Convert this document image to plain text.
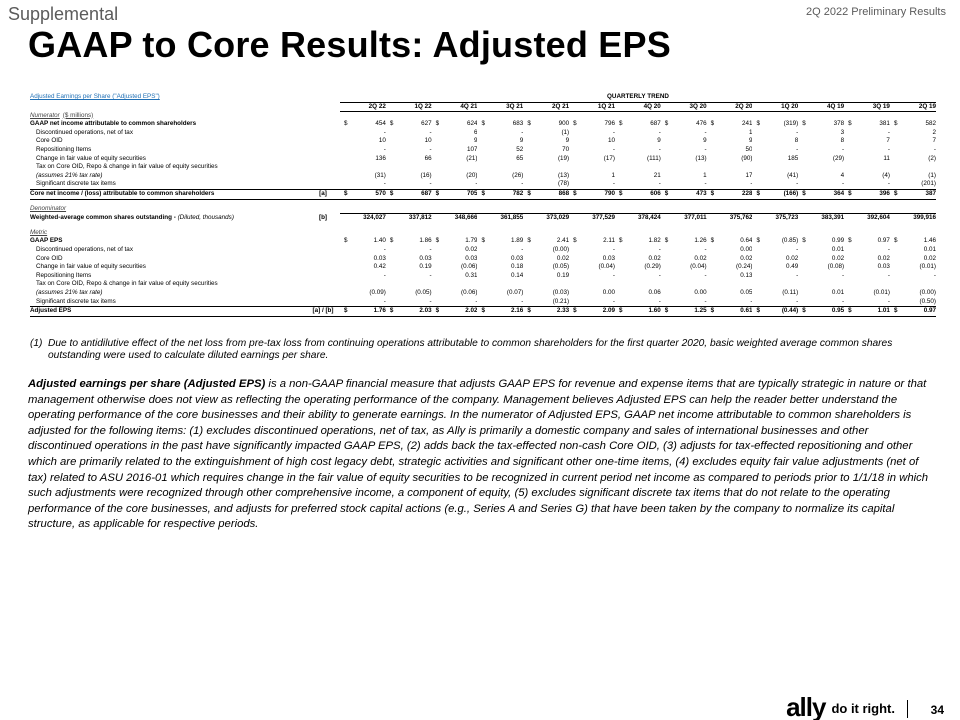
Supplemental	2Q 2022 Preliminary Results
GAAP to Core Results: Adjusted EPS
Adjusted Earnings per Share ("Adjusted EPS")		QUARTERLY TREND												
		2Q 22	1Q 22	4Q 21	3Q 21	2Q 21	1Q 21	4Q 20	3Q 20	2Q 20	1Q 20	4Q 19	3Q 19	2Q 19
Numerator ($ millions)														
GAAP net income attributable to common shareholders		$ 454	$ 627	$ 624	$ 683	$ 900	$ 796	$ 687	$ 476	$ 241	$ (319)	$ 378	$ 381	$ 582
Discontinued operations, net of tax		-	-	6	-	(1)	-	-	-	1	-	3	-	2
Core OID		10	10	9	9	9	10	9	9	9	8	8	7	7
Repositioning Items		-	-	107	52	70	-	-	-	50	-	-	-	-
Change in fair value of equity securities		136	66	(21)	65	(19)	(17)	(111)	(13)	(90)	185	(29)	11	(2)
Tax on Core OID, Repo & change in fair value of equity securities														
(assumes 21% tax rate)		(31)	(16)	(20)	(26)	(13)	1	21	1	17	(41)	4	(4)	(1)
Significant discrete tax items		-	-	-	-	(78)	-	-	-	-	-	-	-	(201)
Core net income / (loss) attributable to common shareholders	[a]	$ 570	$ 687	$ 705	$ 782	$ 868	$ 790	$ 606	$ 473	$ 228	$ (166)	$ 364	$ 396	$ 387

Denominator														
Weighted-average common shares outstanding - (Diluted, thousands)	[b]	324,027	337,812	348,666	361,855	373,029	377,529	378,424	377,011	375,762	375,723	383,391	392,604	399,916

Metric														
GAAP EPS		$ 1.40	$ 1.86	$ 1.79	$ 1.89	$ 2.41	$ 2.11	$ 1.82	$ 1.26	$ 0.64	$ (0.85)	$ 0.99	$ 0.97	$ 1.46
Discontinued operations, net of tax		-	-	0.02	-	(0.00)	-	-	-	0.00	-	0.01	-	0.01
Core OID		0.03	0.03	0.03	0.03	0.02	0.03	0.02	0.02	0.02	0.02	0.02	0.02	0.02
Change in fair value of equity securities		0.42	0.19	(0.06)	0.18	(0.05)	(0.04)	(0.29)	(0.04)	(0.24)	0.49	(0.08)	0.03	(0.01)
Repositioning Items		-	-	0.31	0.14	0.19	-	-	-	0.13	-	-	-	-
Tax on Core OID, Repo & change in fair value of equity securities														
(assumes 21% tax rate)		(0.09)	(0.05)	(0.06)	(0.07)	(0.03)	0.00	0.06	0.00	0.05	(0.11)	0.01	(0.01)	(0.00)
Significant discrete tax items		-	-	-	-	(0.21)	-	-	-	-	-	-	-	(0.50)
Adjusted EPS	[a] / [b]	$ 1.76	$ 2.03	$ 2.02	$ 2.16	$ 2.33	$ 2.09	$ 1.60	$ 1.25	$ 0.61	$ (0.44)	$ 0.95	$ 1.01	$ 0.97
(1) Due to antidilutive effect of the net loss from pre-tax loss from continuing operations attributable to common shareholders for the first quarter 2020, basic weighted average common shares outstanding were used to calculate diluted earnings per share.
Adjusted earnings per share (Adjusted EPS) is a non-GAAP financial measure that adjusts GAAP EPS for revenue and expense items that are typically strategic in nature or that management otherwise does not view as reflecting the operating performance of the company. Management believes Adjusted EPS can help the reader better understand the operating performance of the core businesses and their ability to generate earnings. In the numerator of Adjusted EPS, GAAP net income attributable to common shareholders is adjusted for the following items: (1) excludes discontinued operations, net of tax, as Ally is primarily a domestic company and sales of international businesses and other discontinued operations in the past have significantly impacted GAAP EPS, (2) adds back the tax-effected non-cash Core OID, (3) adjusts for tax-effected repositioning and other which are primarily related to the extinguishment of high cost legacy debt, strategic activities and significant other one-time items, (4) excludes equity fair value adjustments (net of tax) related to ASU 2016-01 which requires change in the fair value of equity securities to be recognized in current period net income as compared to periods prior to 1/1/18 in which such adjustments were recognized through other comprehensive income, a component of equity, (5) excludes significant discrete tax items that do not relate to the operating performance of the core businesses, and adjusts for preferred stock capital actions (e.g., Series A and Series G) that have been taken by the company to normalize its capital structure, as applicable for respective periods.
ally do it right.	34
